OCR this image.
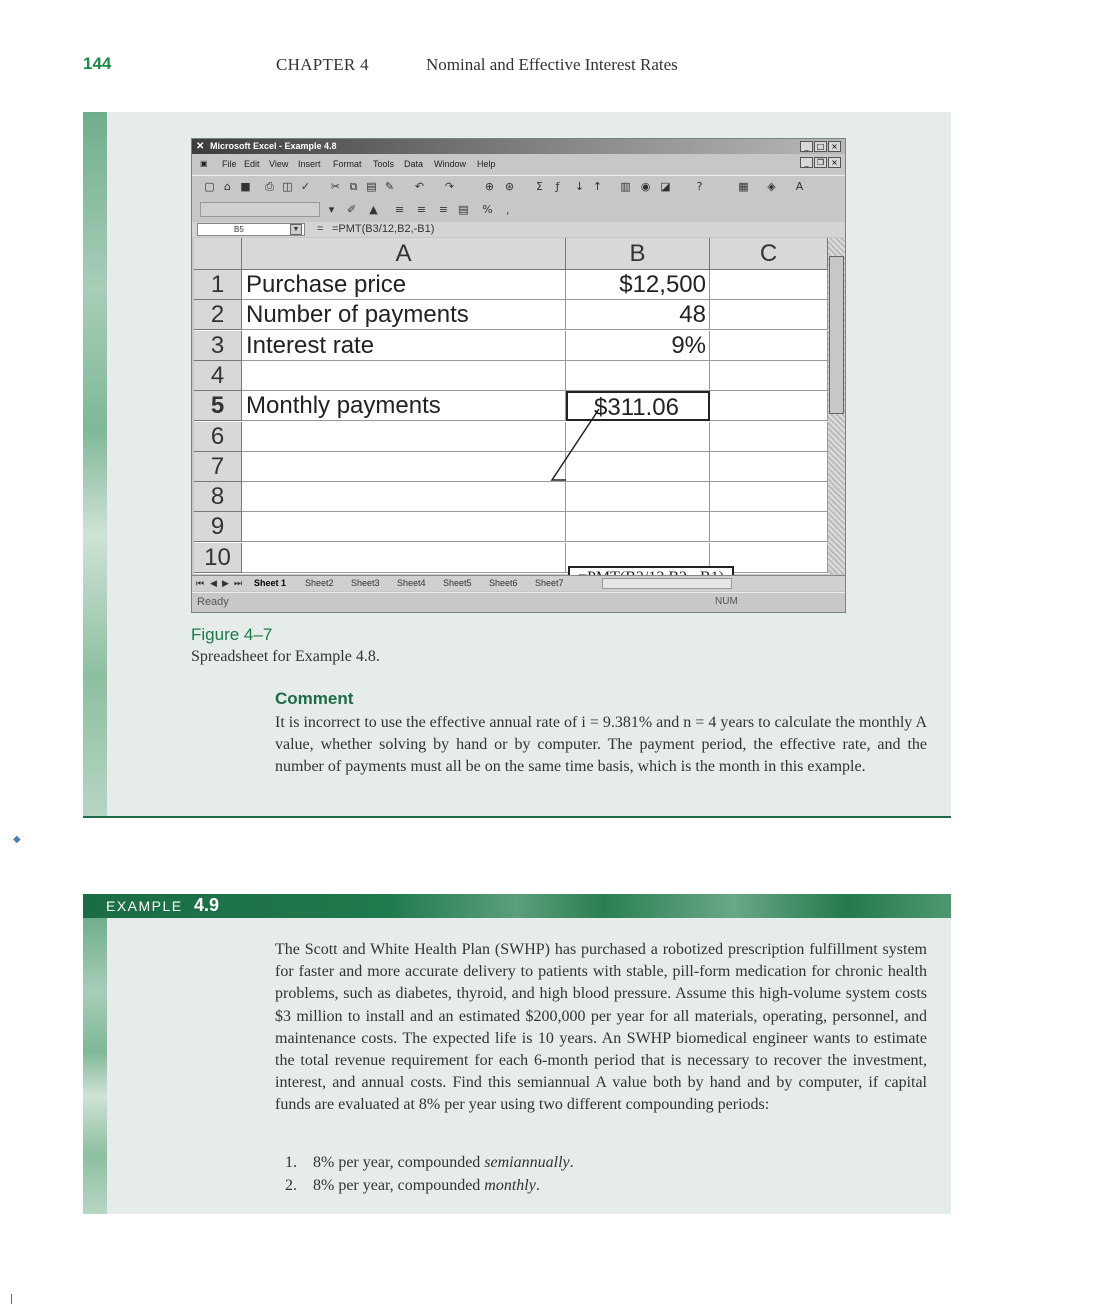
144	CHAPTER 4	Nominal and Effective Interest Rates
✕ Microsoft Excel - Example 4.8	_	□ ×
▣ File Edit View Insert Format Tools Data Window Help	_	❐ ×
▢ ⌂ ■ ⎙ ◫ ✓ ✂ ⧉ ▤ ✎ ↶ ↷	⊕ ⊛	Σ	ƒ	↓ ↑ ▥ ◉ ◪	?	▦ ◈	A
▾	✐ ▲ ≡ ≡ ≡ ▤ %	⸲
B5	▼ = =PMT(B3/12,B2,-B1)
A	B	C
1 Purchase price	$12,500
2 Number of payments	48
3 Interest rate	9%
4
5 Monthly payments	$311.06
6
7
8
9
10
⏮ ◀ ▶ ⏭ Sheet 1 Sheet2 Sheet3 Sheet4 Sheet5 Sheet6 Sheet7
Ready	NUM
Figure 4–7
Spreadsheet for Example 4.8.
Comment
It is incorrect to use the effective annual rate of i = 9.381% and n = 4 years to calculate the monthly A value, whether solving by hand or by computer. The payment period, the effective rate, and the number of payments must all be on the same time basis, which is the month in this example.
EXAMPLE 4.9
The Scott and White Health Plan (SWHP) has purchased a robotized prescription fulfillment system for faster and more accurate delivery to patients with stable, pill-form medication for chronic health problems, such as diabetes, thyroid, and high blood pressure. Assume this high-volume system costs $3 million to install and an estimated $200,000 per year for all materials, operating, personnel, and maintenance costs. The expected life is 10 years. An SWHP biomedical engineer wants to estimate the total revenue requirement for each 6-month period that is necessary to recover the investment, interest, and annual costs. Find this semiannual A value both by hand and by computer, if capital funds are evaluated at 8% per year using two different compounding periods:
1. 8% per year, compounded semiannually.
2. 8% per year, compounded monthly.
◆
